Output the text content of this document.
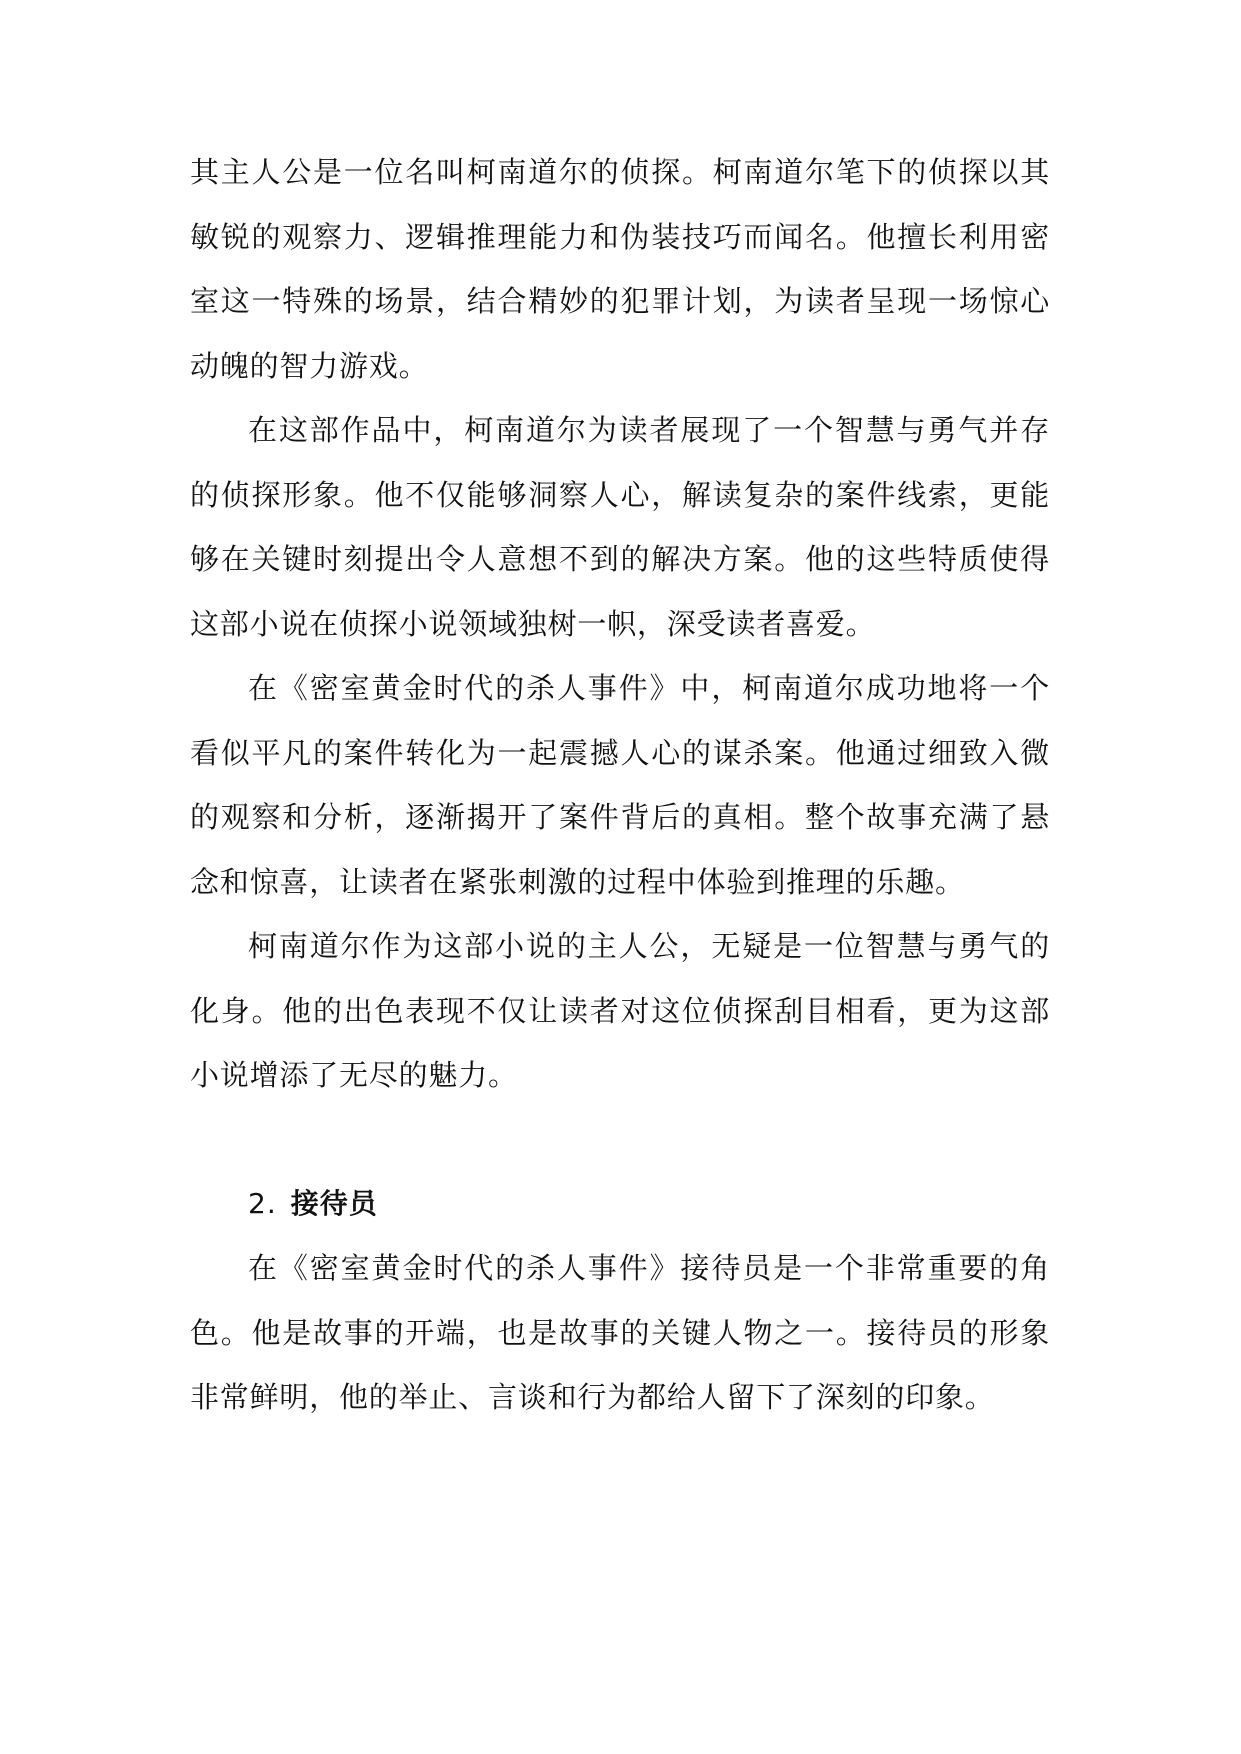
其主人公是一位名叫柯南道尔的侦探。柯南道尔笔下的侦探以其敏锐的观察力、逻辑推理能力和伪装技巧而闻名。他擅长利用密室这一特殊的场景，结合精妙的犯罪计划，为读者呈现一场惊心动魄的智力游戏。

在这部作品中，柯南道尔为读者展现了一个智慧与勇气并存的侦探形象。他不仅能够洞察人心，解读复杂的案件线索，更能够在关键时刻提出令人意想不到的解决方案。他的这些特质使得这部小说在侦探小说领域独树一帜，深受读者喜爱。

在《密室黄金时代的杀人事件》中，柯南道尔成功地将一个看似平凡的案件转化为一起震撼人心的谋杀案。他通过细致入微的观察和分析，逐渐揭开了案件背后的真相。整个故事充满了悬念和惊喜，让读者在紧张刺激的过程中体验到推理的乐趣。

柯南道尔作为这部小说的主人公，无疑是一位智慧与勇气的化身。他的出色表现不仅让读者对这位侦探刮目相看，更为这部小说增添了无尽的魅力。

2. 接待员

在《密室黄金时代的杀人事件》接待员是一个非常重要的角色。他是故事的开端，也是故事的关键人物之一。接待员的形象非常鲜明，他的举止、言谈和行为都给人留下了深刻的印象。
